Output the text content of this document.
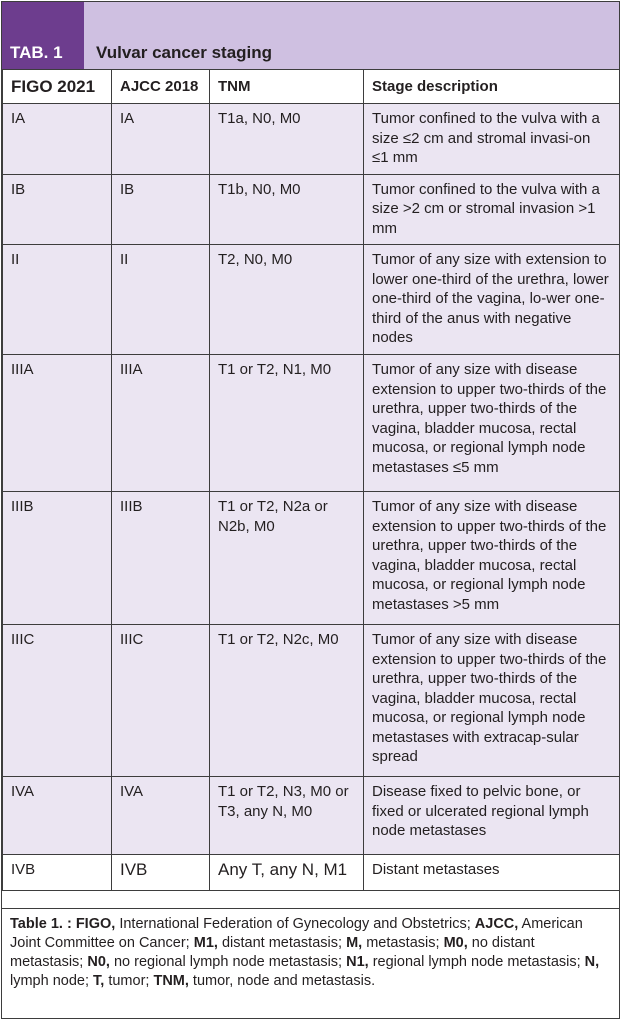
TAB. 1	Vulvar cancer staging
FIGO 2021	AJCC 2018	TNM	Stage description
IA	IA	T1a, N0, M0	Tumor confined to the vulva with a size ≤2 cm and stromal invasi-on ≤1 mm
IB	IB	T1b, N0, M0	Tumor confined to the vulva with a size >2 cm or stromal invasion >1 mm
II	II	T2, N0, M0	Tumor of any size with extension to lower one-third of the urethra, lower one-third of the vagina, lo-wer one-third of the anus with negative nodes
IIIA	IIIA	T1 or T2, N1, M0	Tumor of any size with disease extension to upper two-thirds of the urethra, upper two-thirds of the vagina, bladder mucosa, rectal mucosa, or regional lymph node metastases ≤5 mm
IIIB	IIIB	T1 or T2, N2a or N2b, M0	Tumor of any size with disease extension to upper two-thirds of the urethra, upper two-thirds of the vagina, bladder mucosa, rectal mucosa, or regional lymph node metastases >5 mm
IIIC	IIIC	T1 or T2, N2c, M0	Tumor of any size with disease extension to upper two-thirds of the urethra, upper two-thirds of the vagina, bladder mucosa, rectal mucosa, or regional lymph node metastases with extracap-sular spread
IVA	IVA	T1 or T2, N3, M0 or T3, any N, M0	Disease fixed to pelvic bone, or fixed or ulcerated regional lymph node metastases
IVB	IVB	Any T, any N, M1	Distant metastases
Table 1. : FIGO, International Federation of Gynecology and Obstetrics; AJCC, American Joint Committee on Cancer; M1, distant metastasis; M, metastasis; M0, no distant metastasis; N0, no regional lymph node metastasis; N1, regional lymph node metastasis; N, lymph node; T, tumor; TNM, tumor, node and metastasis.
